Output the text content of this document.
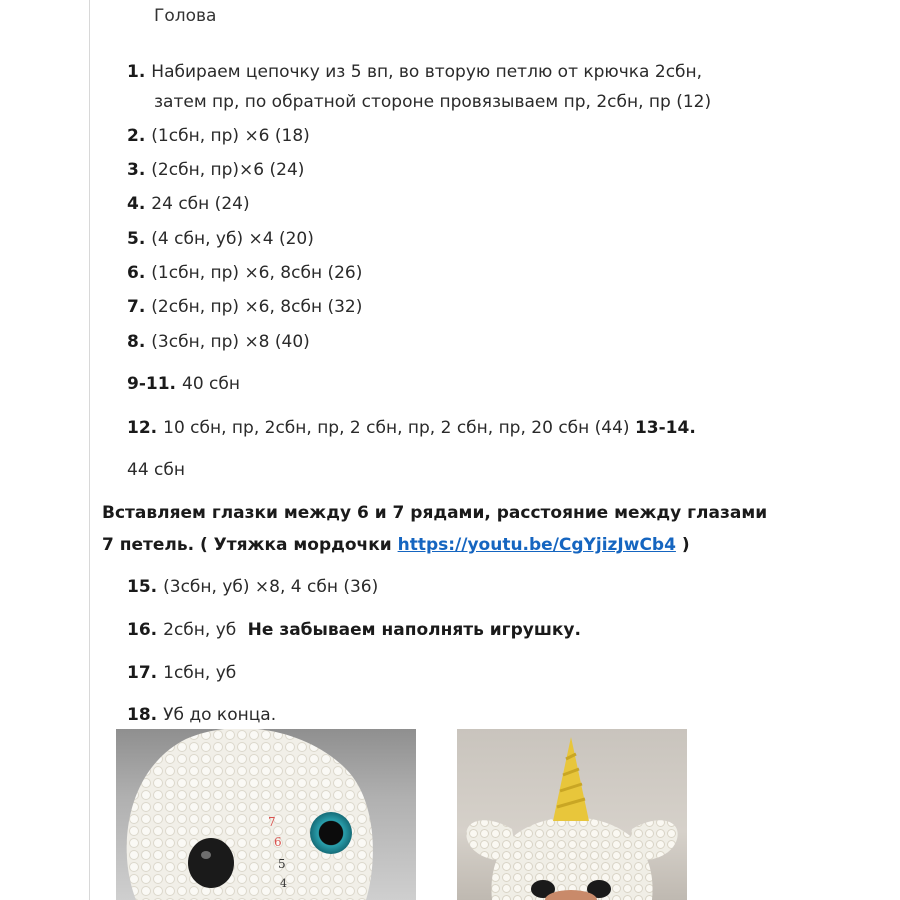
Голова
1. Набираем цепочку из 5 вп, во вторую петлю от крючка 2сбн,
затем пр, по обратной стороне провязываем пр, 2сбн, пр (12)
2. (1сбн, пр) ×6 (18)
3. (2сбн, пр)×6 (24)
4. 24 сбн (24)
5. (4 сбн, уб) ×4 (20)
6. (1сбн, пр) ×6, 8сбн (26)
7. (2сбн, пр) ×6, 8сбн (32)
8. (3сбн, пр) ×8 (40)
9-11. 40 сбн
12. 10 сбн, пр, 2сбн, пр, 2 сбн, пр, 2 сбн, пр, 20 сбн (44) 13-14.
44 сбн
Вставляем глазки между 6 и 7 рядами, расстояние между глазами
7 петель. ( Утяжка мордочки https://youtu.be/CgYjizJwCb4 )
15. (3сбн, уб) ×8, 4 сбн (36)
16. 2сбн, уб Не забываем наполнять игрушку.
17. 1сбн, уб
18. Уб до конца.
7
6
5
4
